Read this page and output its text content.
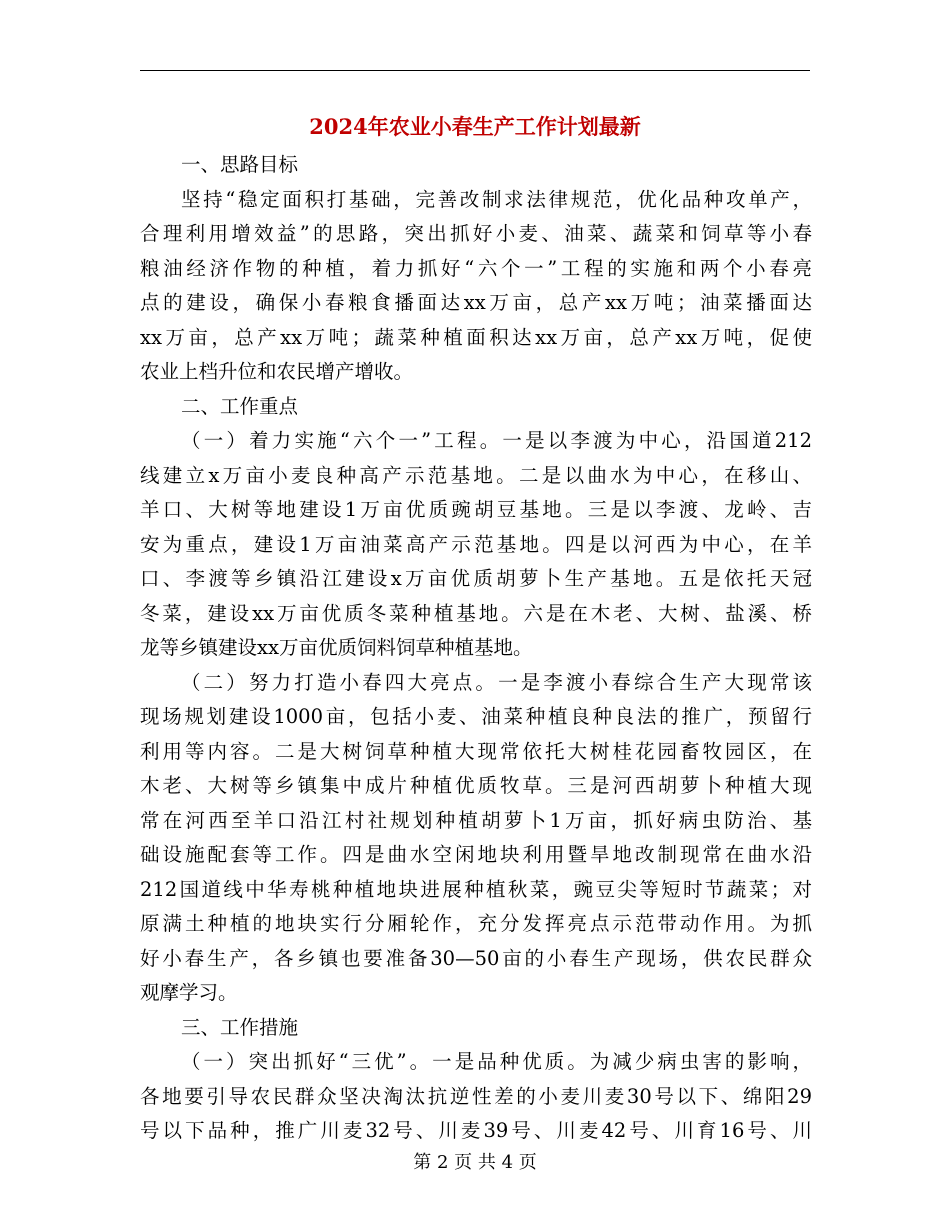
2024年农业小春生产工作计划最新
一、思路目标
坚持“稳定面积打基础，完善改制求法律规范，优化品种攻单产，
合理利用增效益”的思路，突出抓好小麦、油菜、蔬菜和饲草等小春
粮油经济作物的种植，着力抓好“六个一”工程的实施和两个小春亮
点的建设，确保小春粮食播面达xx万亩，总产xx万吨；油菜播面达
xx万亩，总产xx万吨；蔬菜种植面积达xx万亩，总产xx万吨，促使
农业上档升位和农民增产增收。
二、工作重点
（一）着力实施“六个一”工程。一是以李渡为中心，沿国道212
线建立x万亩小麦良种高产示范基地。二是以曲水为中心，在移山、
羊口、大树等地建设1万亩优质豌胡豆基地。三是以李渡、龙岭、吉
安为重点，建设1万亩油菜高产示范基地。四是以河西为中心，在羊
口、李渡等乡镇沿江建设x万亩优质胡萝卜生产基地。五是依托天冠
冬菜，建设xx万亩优质冬菜种植基地。六是在木老、大树、盐溪、桥
龙等乡镇建设xx万亩优质饲料饲草种植基地。
（二）努力打造小春四大亮点。一是李渡小春综合生产大现常该
现场规划建设1000亩，包括小麦、油菜种植良种良法的推广，预留行
利用等内容。二是大树饲草种植大现常依托大树桂花园畜牧园区，在
木老、大树等乡镇集中成片种植优质牧草。三是河西胡萝卜种植大现
常在河西至羊口沿江村社规划种植胡萝卜1万亩，抓好病虫防治、基
础设施配套等工作。四是曲水空闲地块利用暨旱地改制现常在曲水沿
212国道线中华寿桃种植地块进展种植秋菜，豌豆尖等短时节蔬菜；对
原满土种植的地块实行分厢轮作，充分发挥亮点示范带动作用。为抓
好小春生产，各乡镇也要准备30—50亩的小春生产现场，供农民群众
观摩学习。
三、工作措施
（一）突出抓好“三优”。一是品种优质。为减少病虫害的影响，
各地要引导农民群众坚决淘汰抗逆性差的小麦川麦30号以下、绵阳29
号以下品种，推广川麦32号、川麦39号、川麦42号、川育16号、川
第 2 页 共 4 页
